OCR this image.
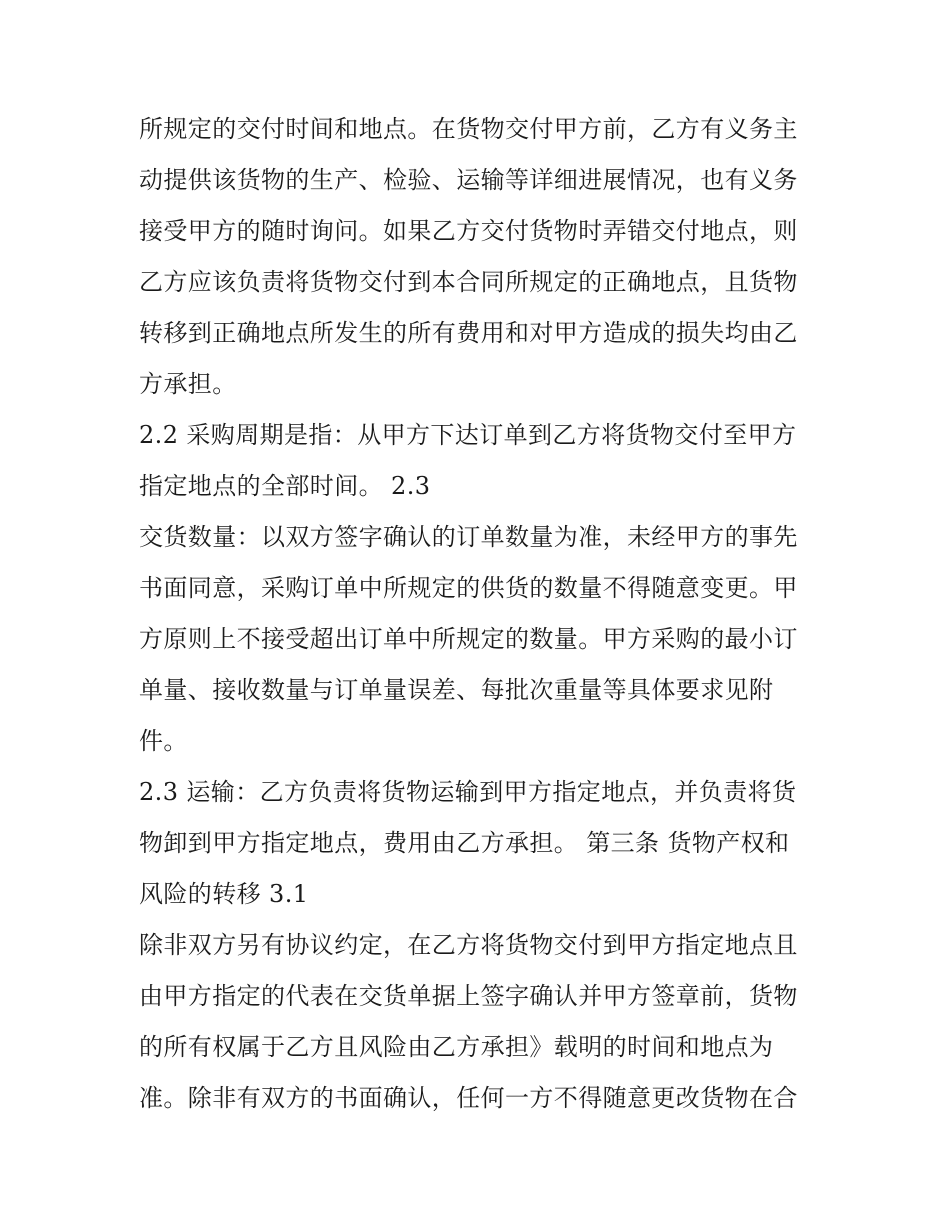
所规定的交付时间和地点。在货物交付甲方前，乙方有义务主
动提供该货物的生产、检验、运输等详细进展情况，也有义务
接受甲方的随时询问。如果乙方交付货物时弄错交付地点，则
乙方应该负责将货物交付到本合同所规定的正确地点，且货物
转移到正确地点所发生的所有费用和对甲方造成的损失均由乙
方承担。
2.2 采购周期是指：从甲方下达订单到乙方将货物交付至甲方
指定地点的全部时间。 2.3
交货数量：以双方签字确认的订单数量为准，未经甲方的事先
书面同意，采购订单中所规定的供货的数量不得随意变更。甲
方原则上不接受超出订单中所规定的数量。甲方采购的最小订
单量、接收数量与订单量误差、每批次重量等具体要求见附
件。
2.3 运输：乙方负责将货物运输到甲方指定地点，并负责将货
物卸到甲方指定地点，费用由乙方承担。 第三条 货物产权和
风险的转移 3.1
除非双方另有协议约定，在乙方将货物交付到甲方指定地点且
由甲方指定的代表在交货单据上签字确认并甲方签章前，货物
的所有权属于乙方且风险由乙方承担》载明的时间和地点为
准。除非有双方的书面确认，任何一方不得随意更改货物在合
